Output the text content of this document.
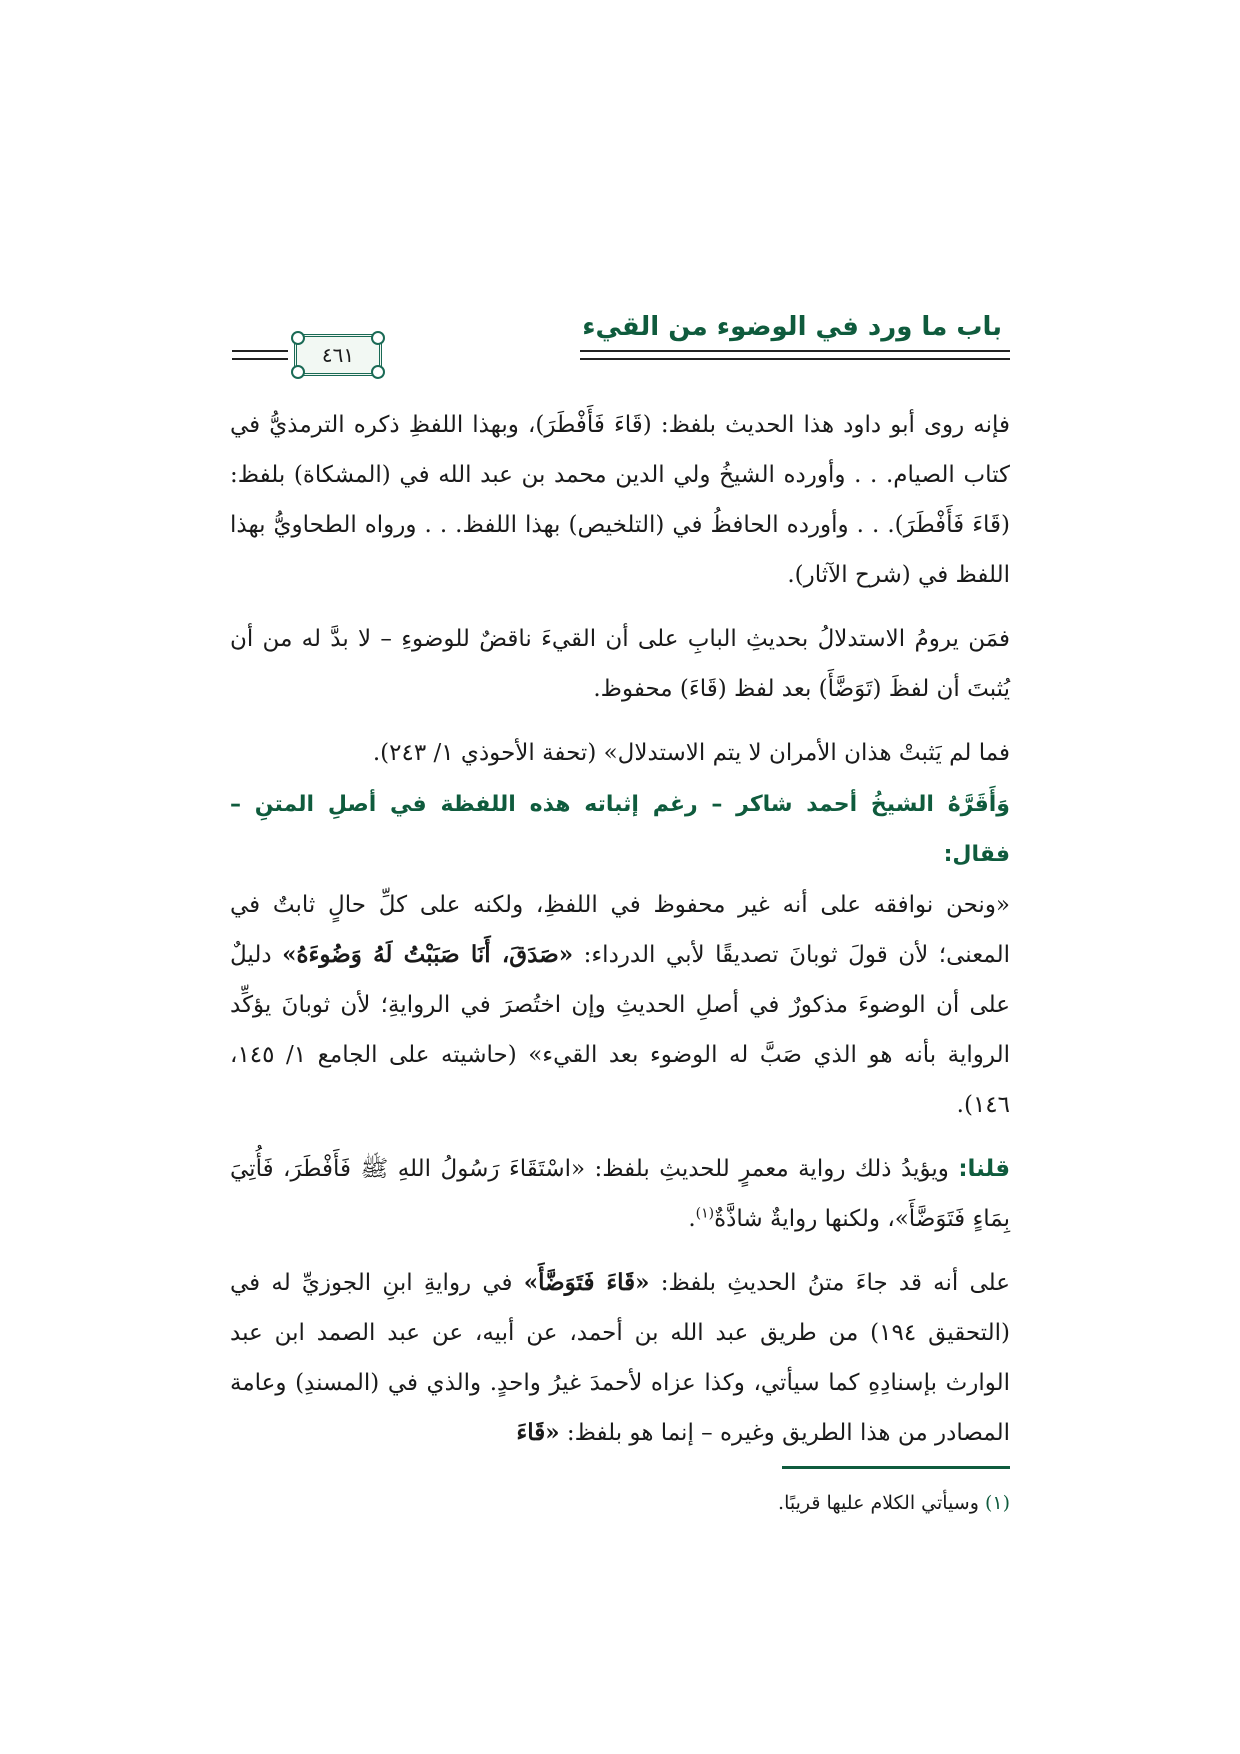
باب ما ورد في الوضوء من القيء
٤٦١

فإنه روى أبو داود هذا الحديث بلفظ: (قَاءَ فَأَفْطَرَ)، وبهذا اللفظِ ذكره الترمذيُّ في كتاب الصيام. . . وأورده الشيخُ ولي الدين محمد بن عبد الله في (المشكاة) بلفظ: (قَاءَ فَأَفْطَرَ). . . وأورده الحافظُ في (التلخيص) بهذا اللفظ. . . ورواه الطحاويُّ بهذا اللفظ في (شرح الآثار).

فمَن يرومُ الاستدلالُ بحديثِ البابِ على أن القيءَ ناقضٌ للوضوءِ – لا بدَّ له من أن يُثبتَ أن لفظَ (تَوَضَّأَ) بعد لفظ (قَاءَ) محفوظ.

فما لم يَثبتْ هذان الأمران لا يتم الاستدلال» (تحفة الأحوذي ١/ ٢٤٣).

وَأَقَرَّهُ الشيخُ أحمد شاكر – رغم إثباته هذه اللفظة في أصلِ المتنِ – فقال:

«ونحن نوافقه على أنه غير محفوظ في اللفظِ، ولكنه على كلِّ حالٍ ثابتٌ في المعنى؛ لأن قولَ ثوبانَ تصديقًا لأبي الدرداء: «صَدَقَ، أَنَا صَبَبْتُ لَهُ وَضُوءَهُ» دليلٌ على أن الوضوءَ مذكورٌ في أصلِ الحديثِ وإن اختُصرَ في الروايةِ؛ لأن ثوبانَ يؤكِّد الرواية بأنه هو الذي صَبَّ له الوضوء بعد القيء» (حاشيته على الجامع ١/ ١٤٥، ١٤٦).

قلنا: ويؤيدُ ذلك رواية معمرٍ للحديثِ بلفظ: «اسْتَقَاءَ رَسُولُ اللهِ ﷺ فَأَفْطَرَ، فَأُتِيَ بِمَاءٍ فَتَوَضَّأَ»، ولكنها روايةٌ شاذَّةٌ$^{(١)}$.

على أنه قد جاءَ متنُ الحديثِ بلفظ: «قَاءَ فَتَوَضَّأَ» في روايةِ ابنِ الجوزيِّ له في (التحقيق ١٩٤) من طريق عبد الله بن أحمد، عن أبيه، عن عبد الصمد ابن عبد الوارث بإسنادِهِ كما سيأتي، وكذا عزاه لأحمدَ غيرُ واحدٍ. والذي في (المسندِ) وعامة المصادر من هذا الطريق وغيره – إنما هو بلفظ: «قَاءَ

(١) وسيأتي الكلام عليها قريبًا.
